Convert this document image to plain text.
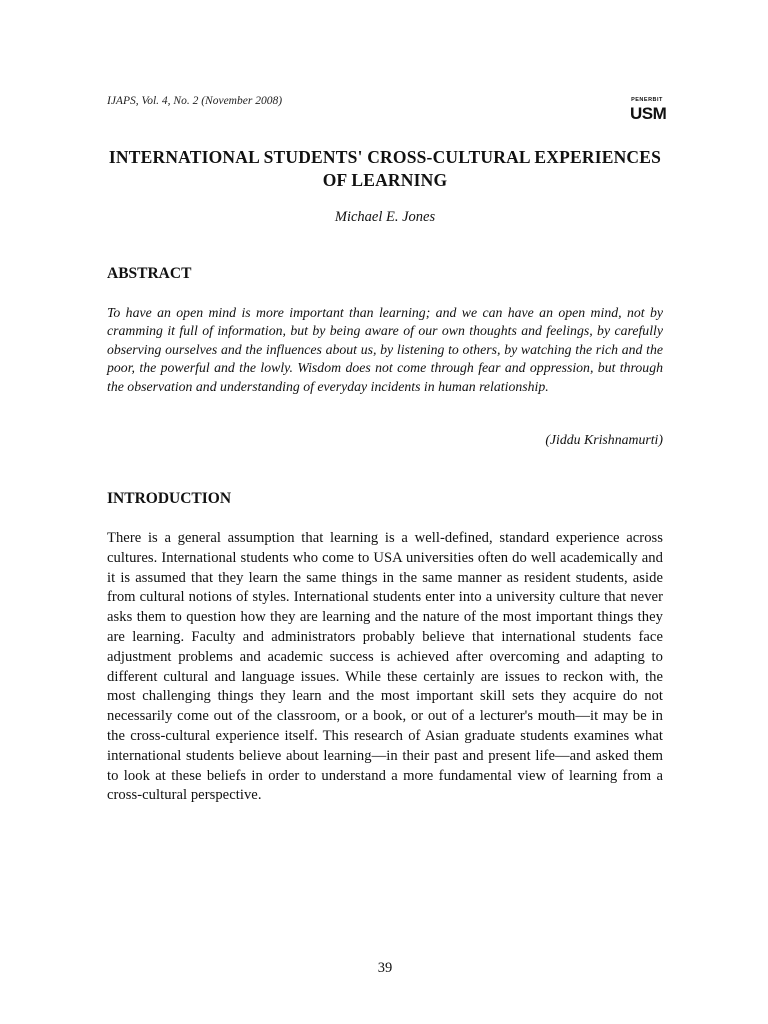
IJAPS, Vol. 4, No. 2 (November 2008)	PENERBIT
USM
INTERNATIONAL STUDENTS' CROSS-CULTURAL EXPERIENCES OF LEARNING
Michael E. Jones
ABSTRACT

To have an open mind is more important than learning; and we can have an open mind, not by cramming it full of information, but by being aware of our own thoughts and feelings, by carefully observing ourselves and the influences about us, by listening to others, by watching the rich and the poor, the powerful and the lowly. Wisdom does not come through fear and oppression, but through the observation and understanding of everyday incidents in human relationship.

(Jiddu Krishnamurti)
INTRODUCTION

There is a general assumption that learning is a well-defined, standard experience across cultures. International students who come to USA universities often do well academically and it is assumed that they learn the same things in the same manner as resident students, aside from cultural notions of styles. International students enter into a university culture that never asks them to question how they are learning and the nature of the most important things they are learning. Faculty and administrators probably believe that international students face adjustment problems and academic success is achieved after overcoming and adapting to different cultural and language issues. While these certainly are issues to reckon with, the most challenging things they learn and the most important skill sets they acquire do not necessarily come out of the classroom, or a book, or out of a lecturer's mouth—it may be in the cross-cultural experience itself. This research of Asian graduate students examines what international students believe about learning—in their past and present life—and asked them to look at these beliefs in order to understand a more fundamental view of learning from a cross-cultural perspective.

39
